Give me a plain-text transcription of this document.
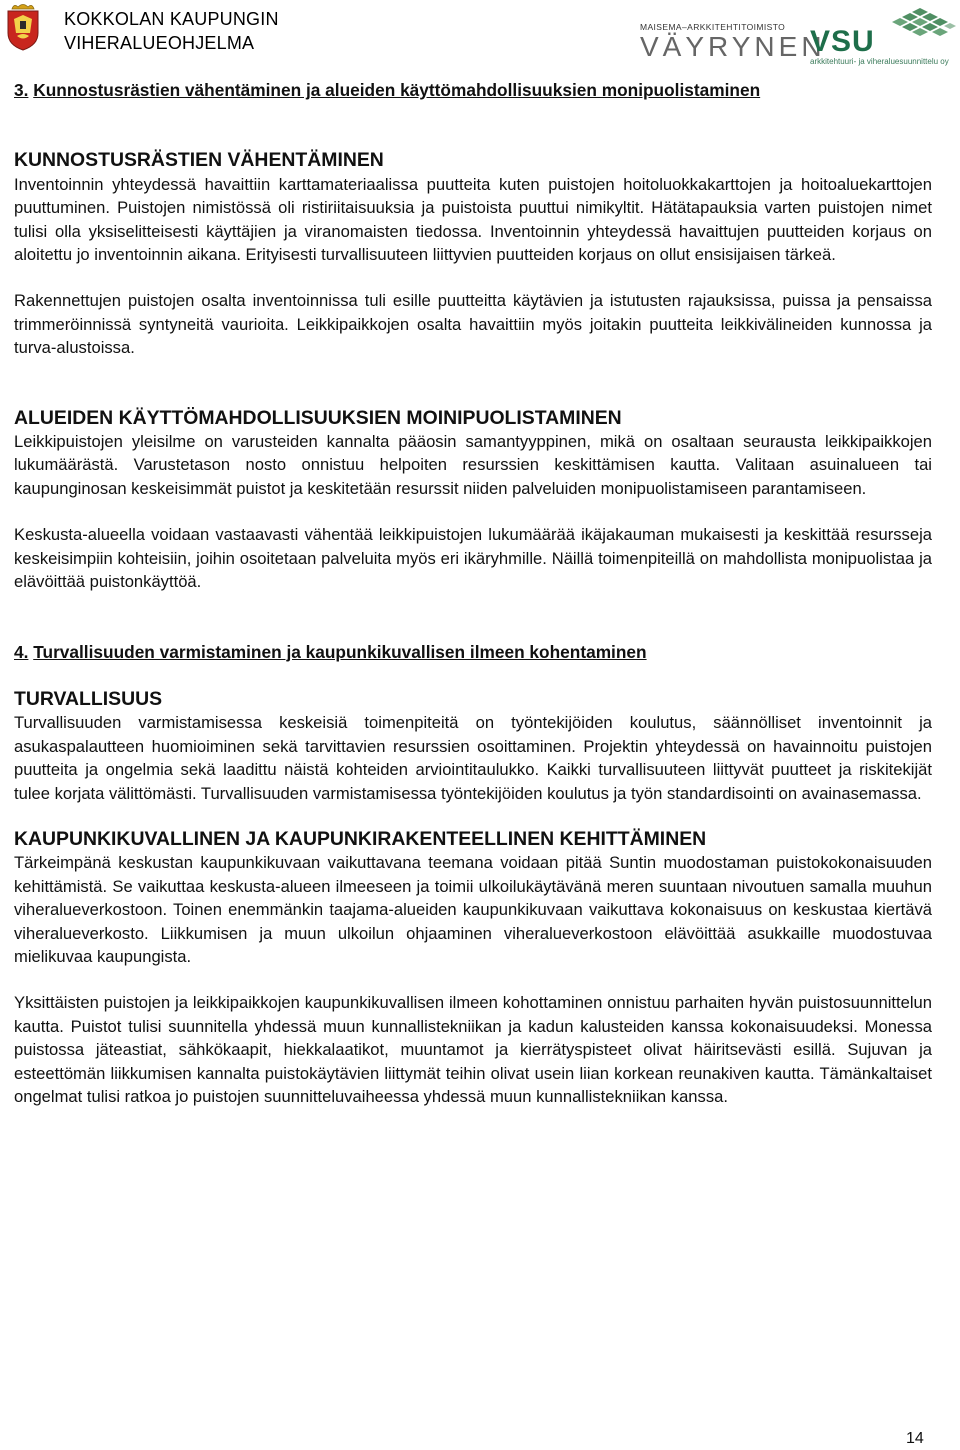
KOKKOLAN KAUPUNGIN
VIHERALUEOHJELMA
MAISEMA–ARKKITEHTITOIMISTO
VÄYRYNEN
VSU
arkkitehtuuri- ja viheraluesuunnittelu oy
3. Kunnostusrästien vähentäminen ja alueiden käyttömahdollisuuksien monipuolistaminen
KUNNOSTUSRÄSTIEN VÄHENTÄMINEN

Inventoinnin yhteydessä havaittiin karttamateriaalissa puutteita kuten puistojen hoitoluokkakarttojen ja hoitoaluekarttojen puuttuminen. Puistojen nimistössä oli ristiriitaisuuksia ja puistoista puuttui nimikyltit. Hätätapauksia varten puistojen nimet tulisi olla yksiselitteisesti käyttäjien ja viranomaisten tiedossa. Inventoinnin yhteydessä havaittujen puutteiden korjaus on aloitettu jo inventoinnin aikana. Erityisesti turvallisuuteen liittyvien puutteiden korjaus on ollut ensisijaisen tärkeä.

Rakennettujen puistojen osalta inventoinnissa tuli esille puutteitta käytävien ja istutusten rajauksissa, puissa ja pensaissa trimmeröinnissä syntyneitä vaurioita. Leikkipaikkojen osalta havaittiin myös joitakin puutteita leikkivälineiden kunnossa ja turva-alustoissa.

ALUEIDEN KÄYTTÖMAHDOLLISUUKSIEN MOINIPUOLISTAMINEN

Leikkipuistojen yleisilme on varusteiden kannalta pääosin samantyyppinen, mikä on osaltaan seurausta leikkipaikkojen lukumäärästä. Varustetason nosto onnistuu helpoiten resurssien keskittämisen kautta. Valitaan asuinalueen tai kaupunginosan keskeisimmät puistot ja keskitetään resurssit niiden palveluiden monipuolistamiseen parantamiseen.

Keskusta-alueella voidaan vastaavasti vähentää leikkipuistojen lukumäärää ikäjakauman mukaisesti ja keskittää resursseja keskeisimpiin kohteisiin, joihin osoitetaan palveluita myös eri ikäryhmille. Näillä toimenpiteillä on mahdollista monipuolistaa ja elävöittää puistonkäyttöä.

4. Turvallisuuden varmistaminen ja kaupunkikuvallisen ilmeen kohentaminen
TURVALLISUUS

Turvallisuuden varmistamisessa keskeisiä toimenpiteitä on työntekijöiden koulutus, säännölliset inventoinnit ja asukaspalautteen huomioiminen sekä tarvittavien resurssien osoittaminen. Projektin yhteydessä on havainnoitu puistojen puutteita ja ongelmia sekä laadittu näistä kohteiden arviointitaulukko. Kaikki turvallisuuteen liittyvät puutteet ja riskitekijät tulee korjata välittömästi. Turvallisuuden varmistamisessa työntekijöiden koulutus ja työn standardisointi on avainasemassa.

KAUPUNKIKUVALLINEN JA KAUPUNKIRAKENTEELLINEN KEHITTÄMINEN

Tärkeimpänä keskustan kaupunkikuvaan vaikuttavana teemana voidaan pitää Suntin muodostaman puistokokonaisuuden kehittämistä. Se vaikuttaa keskusta-alueen ilmeeseen ja toimii ulkoilukäytävänä meren suuntaan nivoutuen samalla muuhun viheralueverkostoon. Toinen enemmänkin taajama-alueiden kaupunkikuvaan vaikuttava kokonaisuus on keskustaa kiertävä viheralueverkosto. Liikkumisen ja muun ulkoilun ohjaaminen viheralueverkostoon elävöittää asukkaille muodostuvaa mielikuvaa kaupungista.

Yksittäisten puistojen ja leikkipaikkojen kaupunkikuvallisen ilmeen kohottaminen onnistuu parhaiten hyvän puistosuunnittelun kautta. Puistot tulisi suunnitella yhdessä muun kunnallistekniikan ja kadun kalusteiden kanssa kokonaisuudeksi. Monessa puistossa jäteastiat, sähkökaapit, hiekkalaatikot, muuntamot ja kierrätyspisteet olivat häiritsevästi esillä. Sujuvan ja esteettömän liikkumisen kannalta puistokäytävien liittymät teihin olivat usein liian korkean reunakiven kautta. Tämänkaltaiset ongelmat tulisi ratkoa jo puistojen suunnitteluvaiheessa yhdessä muun kunnallistekniikan kanssa.

14
